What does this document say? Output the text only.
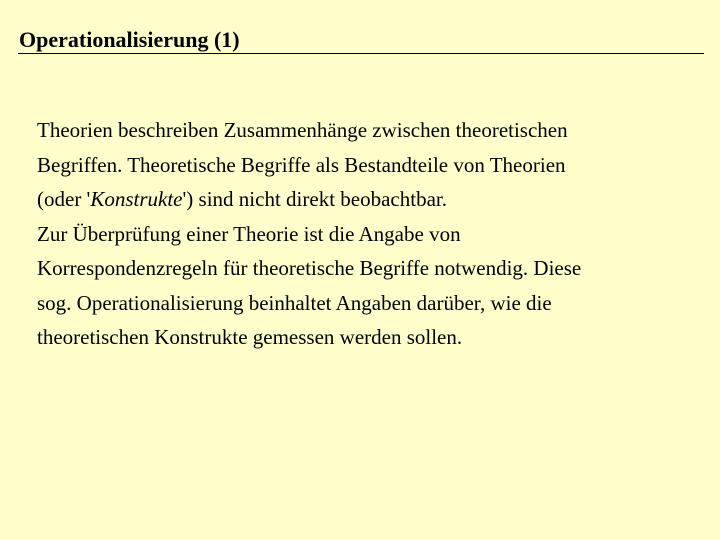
Operationalisierung (1)
Theorien beschreiben Zusammenhänge zwischen theoretischen
Begriffen. Theoretische Begriffe als Bestandteile von Theorien
(oder 'Konstrukte') sind nicht direkt beobachtbar.
Zur Überprüfung einer Theorie ist die Angabe von
Korrespondenzregeln für theoretische Begriffe notwendig. Diese
sog. Operationalisierung beinhaltet Angaben darüber, wie die
theoretischen Konstrukte gemessen werden sollen.
